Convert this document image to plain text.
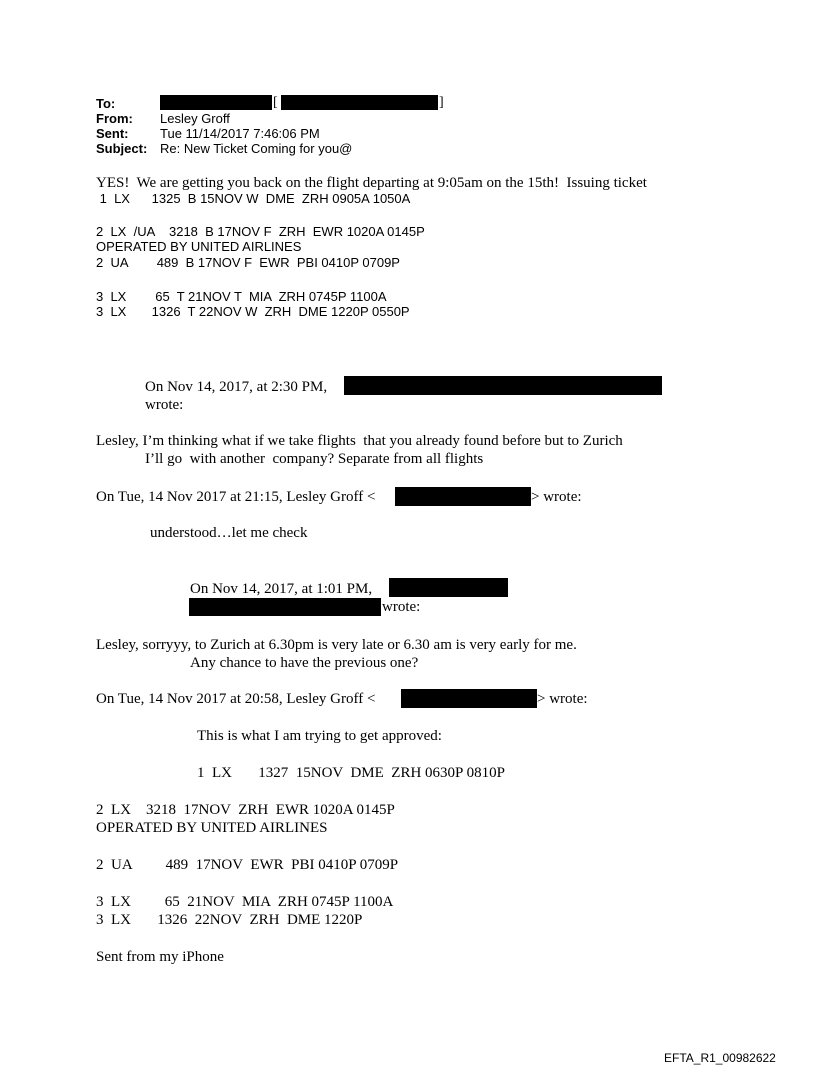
To:	[	]
From: Lesley Groff
Sent: Tue 11/14/2017 7:46:06 PM
Subject: Re: New Ticket Coming for you@
YES!  We are getting you back on the flight departing at 9:05am on the 15th!  Issuing ticket
1  LX      1325  B 15NOV W  DME  ZRH 0905A 1050A
2  LX  /UA    3218  B 17NOV F  ZRH  EWR 1020A 0145P
OPERATED BY UNITED AIRLINES
2  UA        489  B 17NOV F  EWR  PBI 0410P 0709P
3  LX        65  T 21NOV T  MIA  ZRH 0745P 1100A
3  LX       1326  T 22NOV W  ZRH  DME 1220P 0550P
On Nov 14, 2017, at 2:30 PM,
wrote:
Lesley, I’m thinking what if we take flights  that you already found before but to Zurich
I’ll go  with another  company? Separate from all flights
On Tue, 14 Nov 2017 at 21:15, Lesley Groff <	> wrote:
understood…let me check
On Nov 14, 2017, at 1:01 PM,
wrote:
Lesley, sorryyy, to Zurich at 6.30pm is very late or 6.30 am is very early for me.
Any chance to have the previous one?
On Tue, 14 Nov 2017 at 20:58, Lesley Groff <	> wrote:
This is what I am trying to get approved:
1  LX       1327  15NOV  DME  ZRH 0630P 0810P
2  LX    3218  17NOV  ZRH  EWR 1020A 0145P
OPERATED BY UNITED AIRLINES
2  UA         489  17NOV  EWR  PBI 0410P 0709P
3  LX         65  21NOV  MIA  ZRH 0745P 1100A
3  LX       1326  22NOV  ZRH  DME 1220P
Sent from my iPhone
EFTA_R1_00982622
